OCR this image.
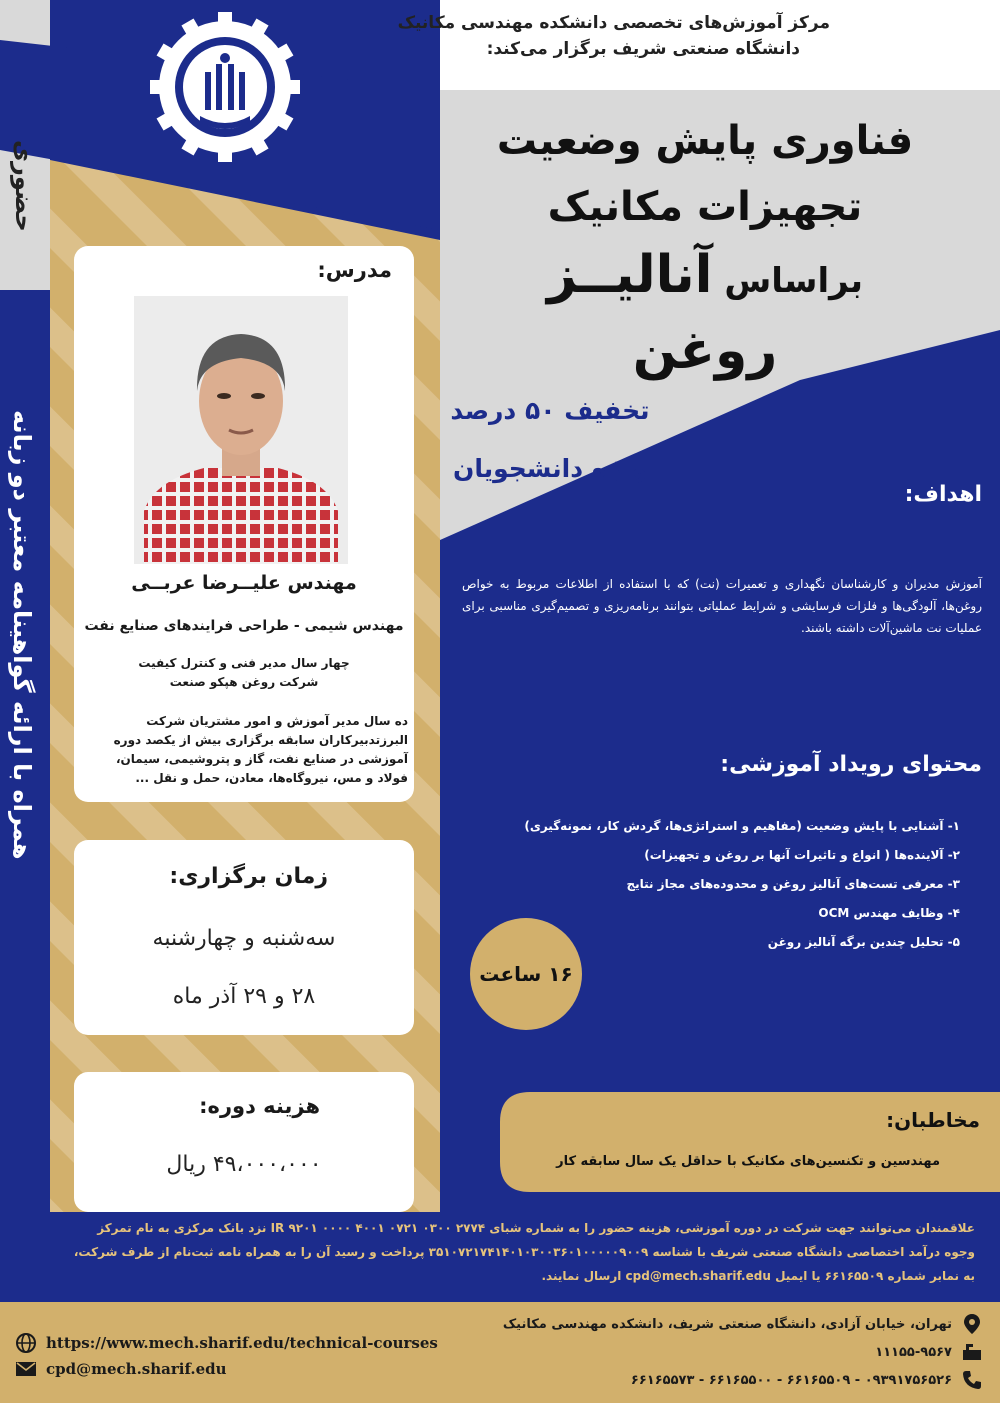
مرکز آموزش‌های تخصصی دانشکده مهندسی مکانیک
دانشگاه صنعتی شریف برگزار می‌کند:
فناوری پایش وضعیت
تجهیزات مکانیک
براساس آنالیــز روغن
تخفیف ۵۰ درصد
ویژه دانشجویان
حضوری
همراه با ارائه گواهینامه معتبر دو زبانه
مدرس:
مهندس علیــرضا عربــی
مهندس شیمی - طراحی فرایندهای صنایع نفت
چهار سال مدیر فنی و کنترل کیفیت
شرکت روغن هپکو صنعت
ده سال مدیر آموزش و امور مشتریان شرکت البرزتدبیرکاران سابقه برگزاری بیش از یکصد دوره آموزشی در صنایع نفت، گاز و پتروشیمی، سیمان، فولاد و مس، نیروگاه‌ها، معادن، حمل و نقل ...
زمان برگزاری:
سه‌شنبه و چهارشنبه
۲۸ و ۲۹ آذر ماه
هزینه دوره:
۴۹،۰۰۰،۰۰۰ ریال
اهداف:
آموزش مدیران و کارشناسان نگهداری و تعمیرات (نت) که با استفاده از اطلاعات مربوط به خواص روغن‌ها، آلودگی‌ها و فلزات فرسایشی و شرایط عملیاتی بتوانند برنامه‌ریزی و تصمیم‌گیری مناسبی برای عملیات نت ماشین‌آلات داشته باشند.
محتوای رویداد آموزشی:
۱- آشنایی با پایش وضعیت (مفاهیم و استراتژی‌ها، گردش کار، نمونه‌گیری)
۲- آلاینده‌ها ( انواع و تاثیرات آنها بر روغن و تجهیزات)
۳- معرفی تست‌های آنالیز روغن و محدوده‌های مجاز نتایج
۴- وظایف مهندس OCM
۵- تحلیل چندین برگه آنالیز روغن
۱۶ ساعت
مخاطبان:
مهندسین و تکنسین‌های مکانیک با حداقل یک سال سابقه کار
علاقمندان می‌توانند جهت شرکت در دوره آموزشی، هزینه حضور را به شماره شبای IR ۹۲۰۱ ۰۰۰۰ ۴۰۰۱ ۰۷۲۱ ۰۳۰۰ ۲۷۷۴ نزد بانک مرکزی به نام تمرکز
وجوه درآمد اختصاصی دانشگاه صنعتی شریف با شناسه ۳۵۱۰۷۲۱۷۴۱۴۰۱۰۳۰۰۳۶۰۱۰۰۰۰۰۹۰۰۹ پرداخت و رسید آن را به همراه نامه ثبت‌نام از طرف شرکت،
به نمابر شماره ۶۶۱۶۵۵۰۹ یا ایمیل cpd@mech.sharif.edu ارسال نمایند.
تهران، خیابان آزادی، دانشگاه صنعتی شریف، دانشکده مهندسی مکانیک
۱۱۱۵۵-۹۵۶۷
۰۹۳۹۱۷۵۶۵۲۶ - ۶۶۱۶۵۵۰۹ - ۶۶۱۶۵۵۰۰ - ۶۶۱۶۵۵۷۳
https://www.mech.sharif.edu/technical-courses
cpd@mech.sharif.edu
